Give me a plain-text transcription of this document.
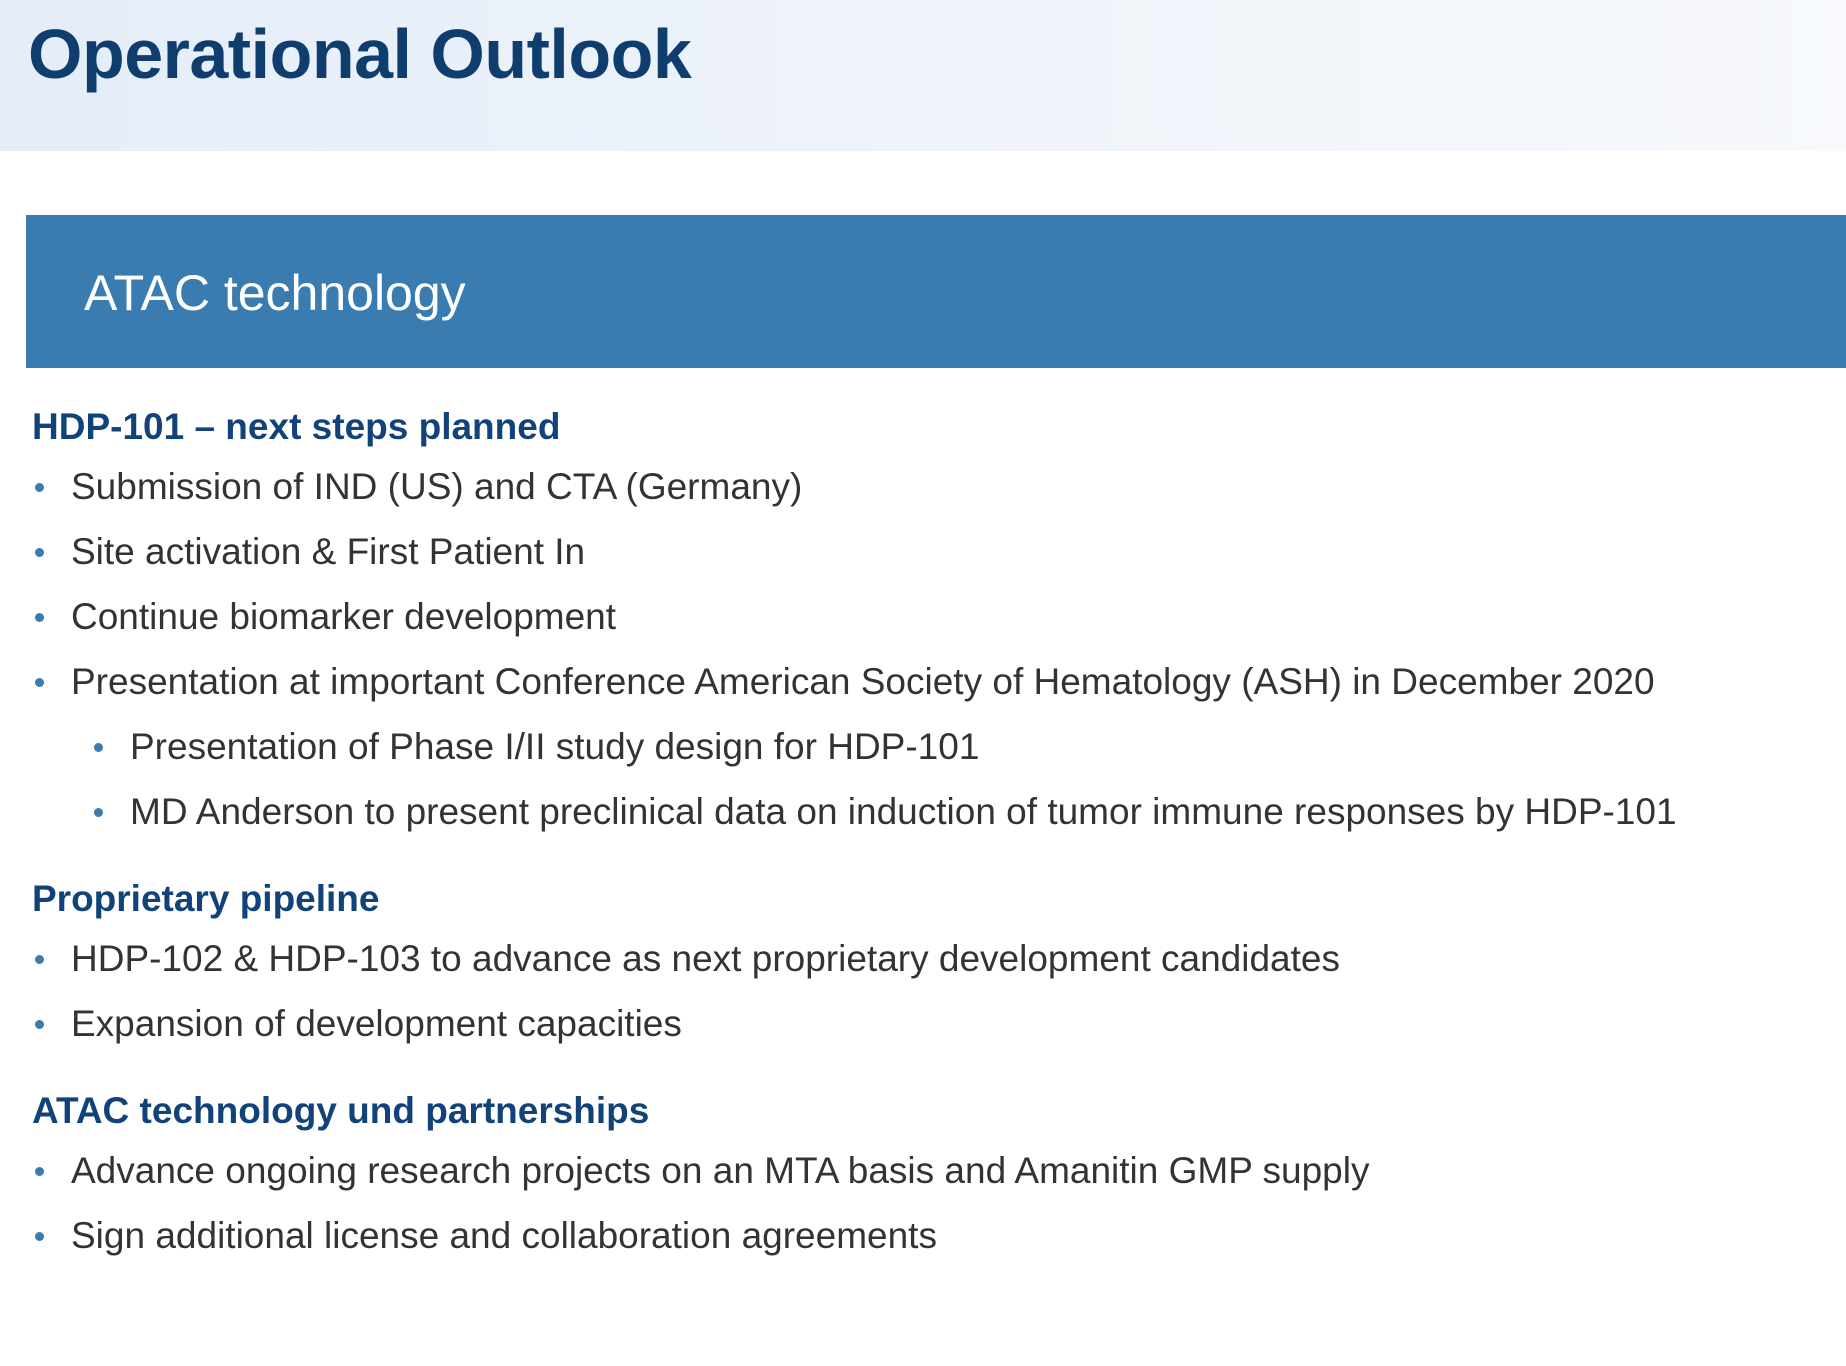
Operational Outlook
ATAC technology
HDP-101 – next steps planned
Submission of IND (US) and CTA (Germany)
Site activation & First Patient In
Continue biomarker development
Presentation at important Conference American Society of Hematology (ASH) in December 2020
Presentation of Phase I/II study design for HDP-101
MD Anderson to present preclinical data on induction of tumor immune responses by HDP-101
Proprietary pipeline
HDP-102 & HDP-103 to advance as next proprietary development candidates
Expansion of development capacities
ATAC technology und partnerships
Advance ongoing research projects on an MTA basis and Amanitin GMP supply
Sign additional license and collaboration agreements
